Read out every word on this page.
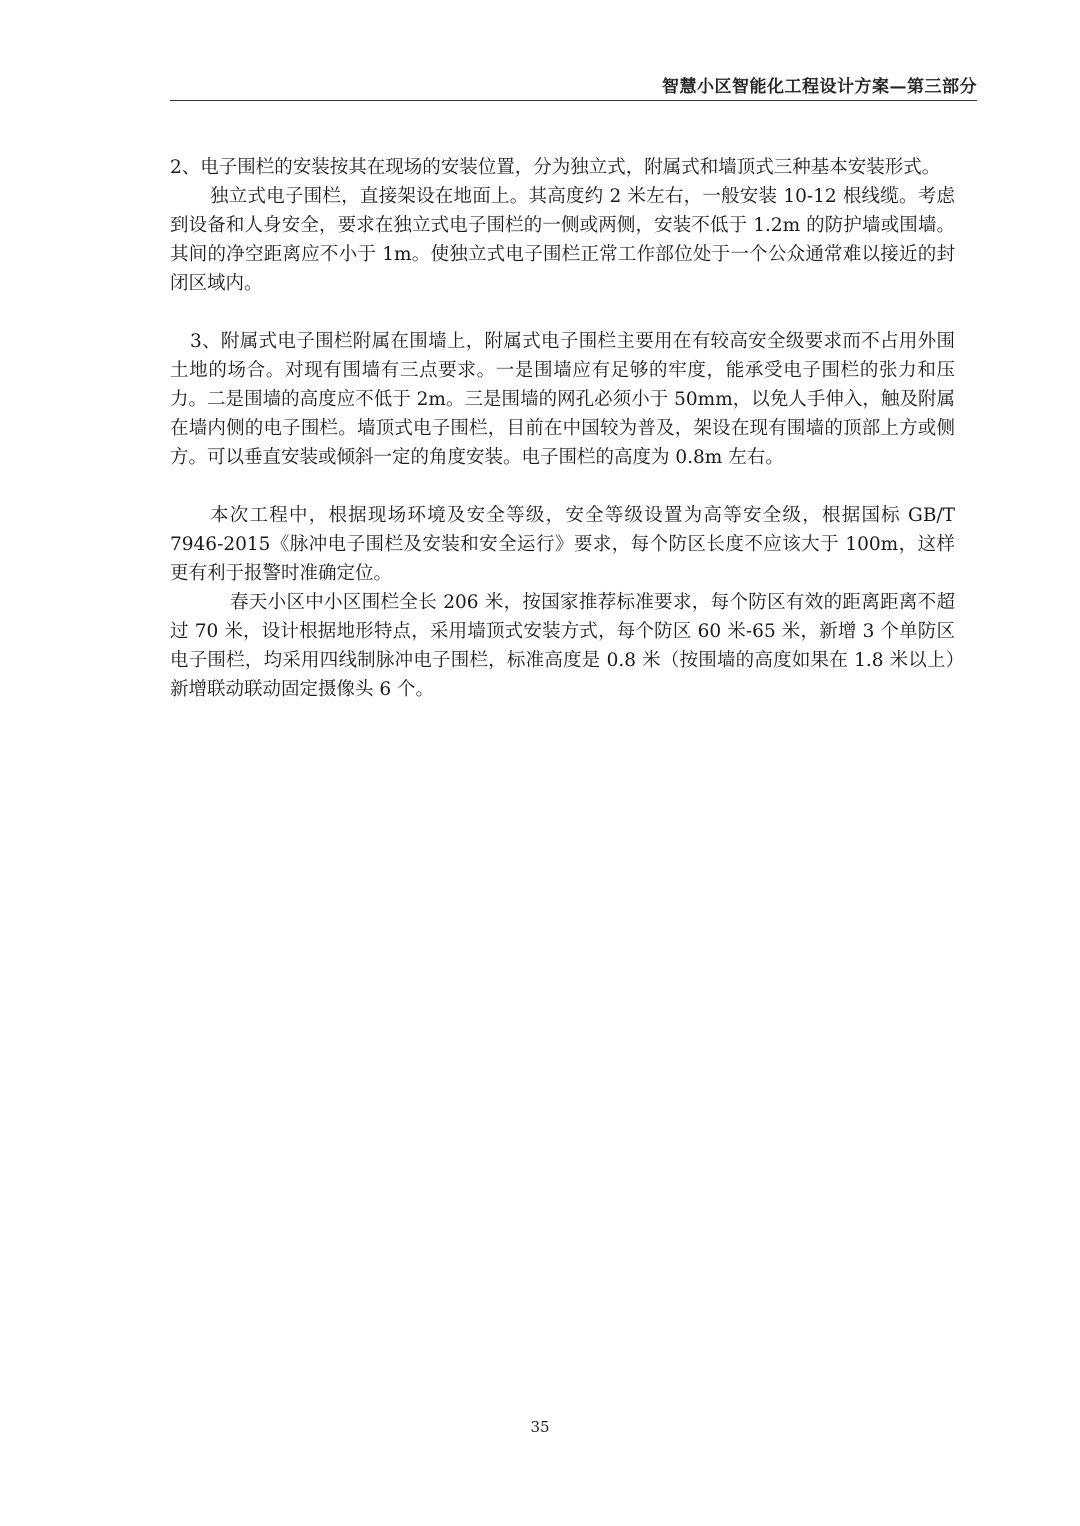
智慧小区智能化工程设计方案—第三部分

2、电子围栏的安装按其在现场的安装位置，分为独立式，附属式和墙顶式三种基本安装形式。

独立式电子围栏，直接架设在地面上。其高度约 2 米左右，一般安装 10-12 根线缆。考虑到设备和人身安全，要求在独立式电子围栏的一侧或两侧，安装不低于 1.2m 的防护墙或围墙。其间的净空距离应不小于 1m。使独立式电子围栏正常工作部位处于一个公众通常难以接近的封闭区域内。

3、附属式电子围栏附属在围墙上，附属式电子围栏主要用在有较高安全级要求而不占用外围土地的场合。对现有围墙有三点要求。一是围墙应有足够的牢度，能承受电子围栏的张力和压力。二是围墙的高度应不低于 2m。三是围墙的网孔必须小于 50mm，以免人手伸入，触及附属在墙内侧的电子围栏。墙顶式电子围栏，目前在中国较为普及，架设在现有围墙的顶部上方或侧方。可以垂直安装或倾斜一定的角度安装。电子围栏的高度为 0.8m 左右。

本次工程中，根据现场环境及安全等级，安全等级设置为高等安全级，根据国标 GB/T 7946-2015《脉冲电子围栏及安装和安全运行》要求，每个防区长度不应该大于 100m，这样更有利于报警时准确定位。

春天小区中小区围栏全长 206 米，按国家推荐标准要求，每个防区有效的距离距离不超过 70 米，设计根据地形特点，采用墙顶式安装方式，每个防区 60 米-65 米，新增 3 个单防区电子围栏，均采用四线制脉冲电子围栏，标准高度是 0.8 米（按围墙的高度如果在 1.8 米以上）新增联动联动固定摄像头 6 个。

35
